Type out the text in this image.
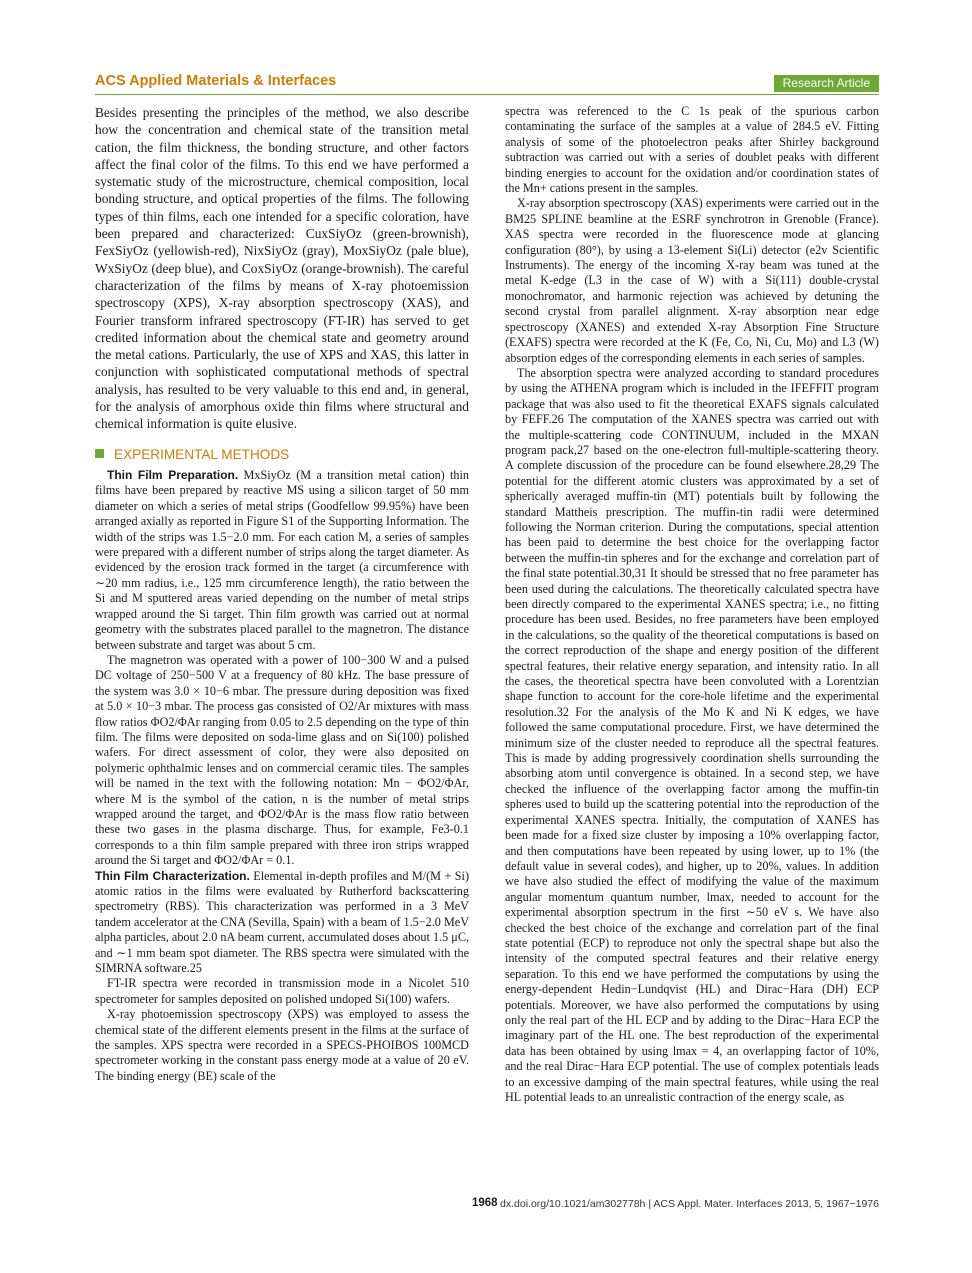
ACS Applied Materials & Interfaces	Research Article

Besides presenting the principles of the method, we also describe how the concentration and chemical state of the transition metal cation, the film thickness, the bonding structure, and other factors affect the final color of the films. To this end we have performed a systematic study of the microstructure, chemical composition, local bonding structure, and optical properties of the films. The following types of thin films, each one intended for a specific coloration, have been prepared and characterized: CuxSiyOz (green-brownish), FexSiyOz (yellowish-red), NixSiyOz (gray), MoxSiyOz (pale blue), WxSiyOz (deep blue), and CoxSiyOz (orange-brownish). The careful characterization of the films by means of X-ray photoemission spectroscopy (XPS), X-ray absorption spectroscopy (XAS), and Fourier transform infrared spectroscopy (FT-IR) has served to get credited information about the chemical state and geometry around the metal cations. Particularly, the use of XPS and XAS, this latter in conjunction with sophisticated computational methods of spectral analysis, has resulted to be very valuable to this end and, in general, for the analysis of amorphous oxide thin films where structural and chemical information is quite elusive.

EXPERIMENTAL METHODS

Thin Film Preparation. MxSiyOz (M a transition metal cation) thin films have been prepared by reactive MS using a silicon target of 50 mm diameter on which a series of metal strips (Goodfellow 99.95%) have been arranged axially as reported in Figure S1 of the Supporting Information. The width of the strips was 1.5−2.0 mm. For each cation M, a series of samples were prepared with a different number of strips along the target diameter. As evidenced by the erosion track formed in the target (a circumference with ∼20 mm radius, i.e., 125 mm circumference length), the ratio between the Si and M sputtered areas varied depending on the number of metal strips wrapped around the Si target. Thin film growth was carried out at normal geometry with the substrates placed parallel to the magnetron. The distance between substrate and target was about 5 cm.

The magnetron was operated with a power of 100−300 W and a pulsed DC voltage of 250−500 V at a frequency of 80 kHz. The base pressure of the system was 3.0 × 10−6 mbar. The pressure during deposition was fixed at 5.0 × 10−3 mbar. The process gas consisted of O2/Ar mixtures with mass flow ratios ΦO2/ΦAr ranging from 0.05 to 2.5 depending on the type of thin film. The films were deposited on soda-lime glass and on Si(100) polished wafers. For direct assessment of color, they were also deposited on polymeric ophthalmic lenses and on commercial ceramic tiles. The samples will be named in the text with the following notation: Mn − ΦO2/ΦAr, where M is the symbol of the cation, n is the number of metal strips wrapped around the target, and ΦO2/ΦAr is the mass flow ratio between these two gases in the plasma discharge. Thus, for example, Fe3-0.1 corresponds to a thin film sample prepared with three iron strips wrapped around the Si target and ΦO2/ΦAr = 0.1.

Thin Film Characterization. Elemental in-depth profiles and M/(M + Si) atomic ratios in the films were evaluated by Rutherford backscattering spectrometry (RBS). This characterization was performed in a 3 MeV tandem accelerator at the CNA (Sevilla, Spain) with a beam of 1.5−2.0 MeV alpha particles, about 2.0 nA beam current, accumulated doses about 1.5 μC, and ∼1 mm beam spot diameter. The RBS spectra were simulated with the SIMRNA software.25

FT-IR spectra were recorded in transmission mode in a Nicolet 510 spectrometer for samples deposited on polished undoped Si(100) wafers.

X-ray photoemission spectroscopy (XPS) was employed to assess the chemical state of the different elements present in the films at the surface of the samples. XPS spectra were recorded in a SPECS-PHOIBOS 100MCD spectrometer working in the constant pass energy mode at a value of 20 eV. The binding energy (BE) scale of the

spectra was referenced to the C 1s peak of the spurious carbon contaminating the surface of the samples at a value of 284.5 eV. Fitting analysis of some of the photoelectron peaks after Shirley background subtraction was carried out with a series of doublet peaks with different binding energies to account for the oxidation and/or coordination states of the Mn+ cations present in the samples.

X-ray absorption spectroscopy (XAS) experiments were carried out in the BM25 SPLINE beamline at the ESRF synchrotron in Grenoble (France). XAS spectra were recorded in the fluorescence mode at glancing configuration (80°), by using a 13-element Si(Li) detector (e2v Scientific Instruments). The energy of the incoming X-ray beam was tuned at the metal K-edge (L3 in the case of W) with a Si(111) double-crystal monochromator, and harmonic rejection was achieved by detuning the second crystal from parallel alignment. X-ray absorption near edge spectroscopy (XANES) and extended X-ray Absorption Fine Structure (EXAFS) spectra were recorded at the K (Fe, Co, Ni, Cu, Mo) and L3 (W) absorption edges of the corresponding elements in each series of samples.

The absorption spectra were analyzed according to standard procedures by using the ATHENA program which is included in the IFEFFIT program package that was also used to fit the theoretical EXAFS signals calculated by FEFF.26 The computation of the XANES spectra was carried out with the multiple-scattering code CONTINUUM, included in the MXAN program pack,27 based on the one-electron full-multiple-scattering theory. A complete discussion of the procedure can be found elsewhere.28,29 The potential for the different atomic clusters was approximated by a set of spherically averaged muffin-tin (MT) potentials built by following the standard Mattheis prescription. The muffin-tin radii were determined following the Norman criterion. During the computations, special attention has been paid to determine the best choice for the overlapping factor between the muffin-tin spheres and for the exchange and correlation part of the final state potential.30,31 It should be stressed that no free parameter has been used during the calculations. The theoretically calculated spectra have been directly compared to the experimental XANES spectra; i.e., no fitting procedure has been used. Besides, no free parameters have been employed in the calculations, so the quality of the theoretical computations is based on the correct reproduction of the shape and energy position of the different spectral features, their relative energy separation, and intensity ratio. In all the cases, the theoretical spectra have been convoluted with a Lorentzian shape function to account for the core-hole lifetime and the experimental resolution.32 For the analysis of the Mo K and Ni K edges, we have followed the same computational procedure. First, we have determined the minimum size of the cluster needed to reproduce all the spectral features. This is made by adding progressively coordination shells surrounding the absorbing atom until convergence is obtained. In a second step, we have checked the influence of the overlapping factor among the muffin-tin spheres used to build up the scattering potential into the reproduction of the experimental XANES spectra. Initially, the computation of XANES has been made for a fixed size cluster by imposing a 10% overlapping factor, and then computations have been repeated by using lower, up to 1% (the default value in several codes), and higher, up to 20%, values. In addition we have also studied the effect of modifying the value of the maximum angular momentum quantum number, lmax, needed to account for the experimental absorption spectrum in the first ∼50 eV s. We have also checked the best choice of the exchange and correlation part of the final state potential (ECP) to reproduce not only the spectral shape but also the intensity of the computed spectral features and their relative energy separation. To this end we have performed the computations by using the energy-dependent Hedin−Lundqvist (HL) and Dirac−Hara (DH) ECP potentials. Moreover, we have also performed the computations by using only the real part of the HL ECP and by adding to the Dirac−Hara ECP the imaginary part of the HL one. The best reproduction of the experimental data has been obtained by using lmax = 4, an overlapping factor of 10%, and the real Dirac−Hara ECP potential. The use of complex potentials leads to an excessive damping of the main spectral features, while using the real HL potential leads to an unrealistic contraction of the energy scale, as

1968 dx.doi.org/10.1021/am302778h | ACS Appl. Mater. Interfaces 2013, 5, 1967−1976
